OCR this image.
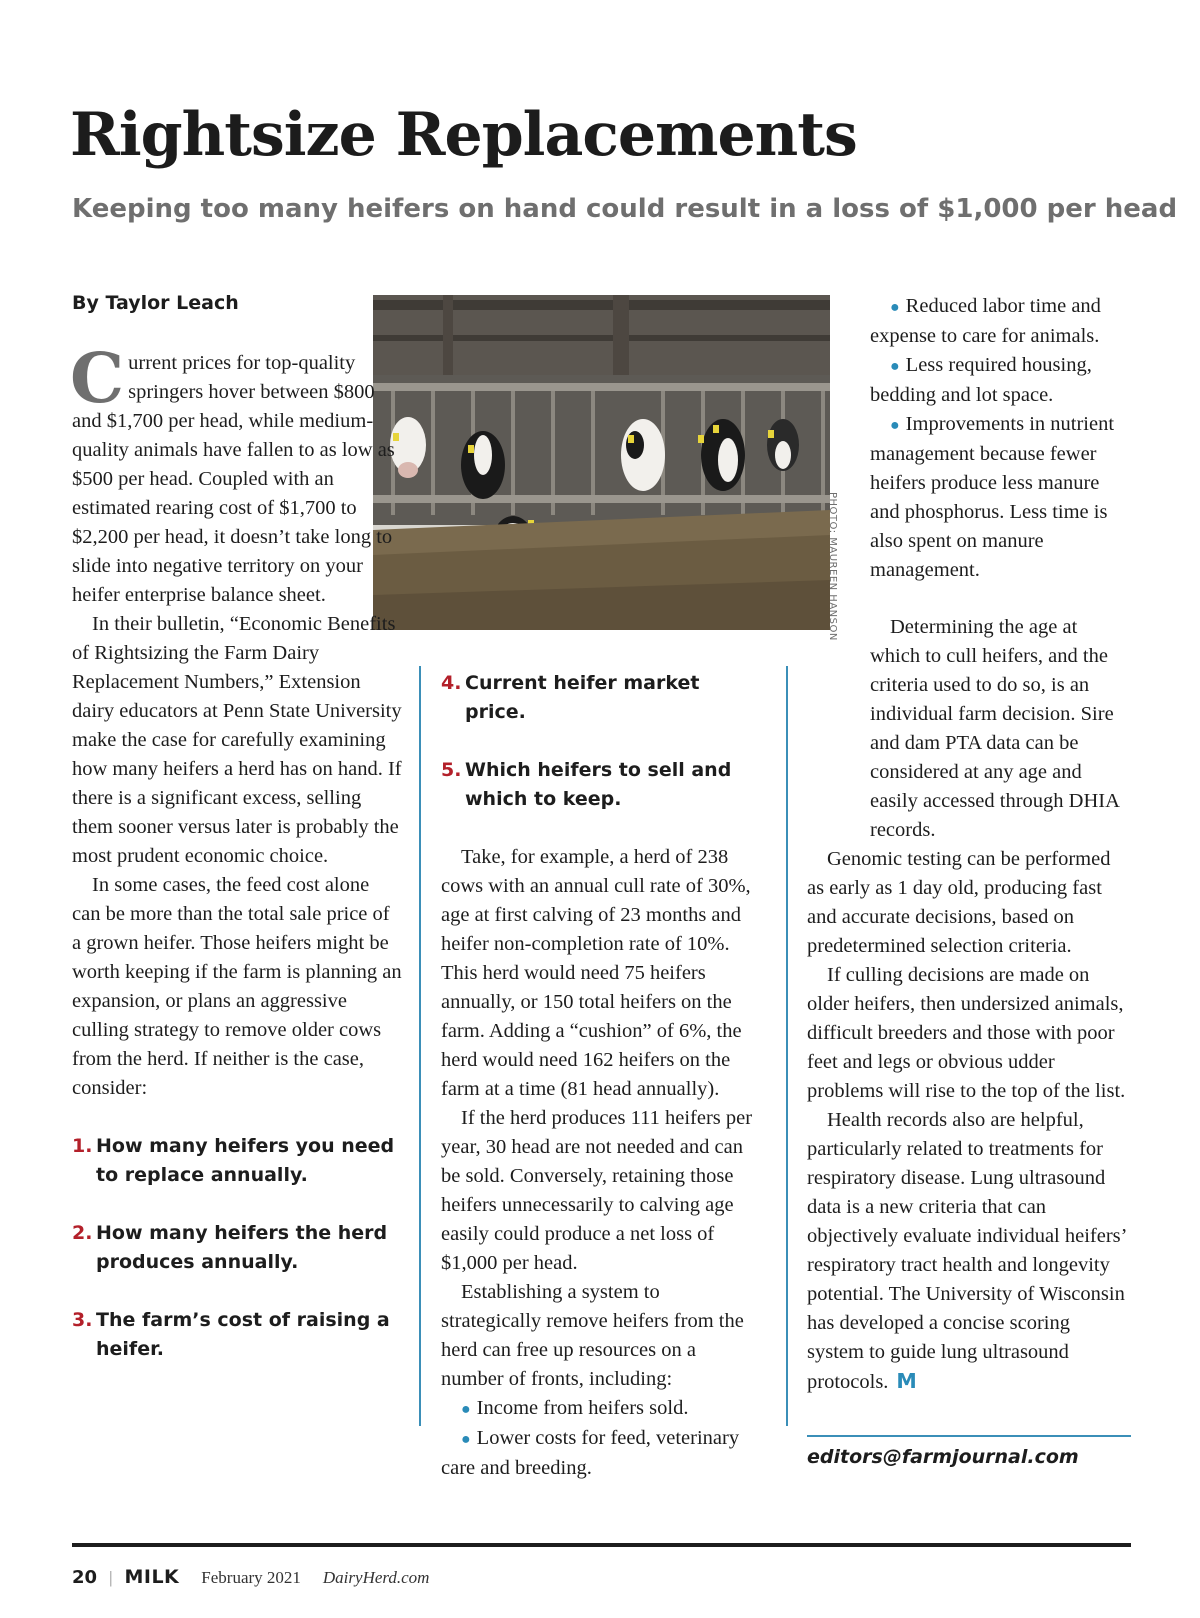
Rightsize Replacements
Keeping too many heifers on hand could result in a loss of $1,000 per head
By Taylor Leach
PHOTO: MAUREEN HANSON

Current prices for top-quality springers hover between $800 and $1,700 per head, while medium-quality animals have fallen to as low as $500 per head. Coupled with an estimated rearing cost of $1,700 to $2,200 per head, it doesn’t take long to slide into negative territory on your heifer enterprise balance sheet.

In their bulletin, “Economic Benefits of Rightsizing the Farm Dairy Replacement Numbers,” Extension dairy educators at Penn State University make the case for carefully examining how many heifers a herd has on hand. If there is a significant excess, selling them sooner versus later is probably the most prudent economic choice.

In some cases, the feed cost alone can be more than the total sale price of a grown heifer. Those heifers might be worth keeping if the farm is planning an expansion, or plans an aggressive culling strategy to remove older cows from the herd. If neither is the case, consider:

1. How many heifers you need to replace annually.
2. How many heifers the herd produces annually.
3. The farm’s cost of raising a heifer.
4. Current heifer market price.
5. Which heifers to sell and which to keep.

Take, for example, a herd of 238 cows with an annual cull rate of 30%, age at first calving of 23 months and heifer non-completion rate of 10%. This herd would need 75 heifers annually, or 150 total heifers on the farm. Adding a “cushion” of 6%, the herd would need 162 heifers on the farm at a time (81 head annually).

If the herd produces 111 heifers per year, 30 head are not needed and can be sold. Conversely, retaining those heifers unnecessarily to calving age easily could produce a net loss of $1,000 per head.

Establishing a system to strategically remove heifers from the herd can free up resources on a number of fronts, including:

● Income from heifers sold.

● Lower costs for feed, veterinary care and breeding.

● Reduced labor time and expense to care for animals.

● Less required housing, bedding and lot space.

● Improvements in nutrient management because fewer heifers produce less manure and phosphorus. Less time is also spent on manure management.

Determining the age at which to cull heifers, and the criteria used to do so, is an individual farm decision. Sire and dam PTA data can be considered at any age and easily accessed through DHIA records.

Genomic testing can be performed as early as 1 day old, producing fast and accurate decisions, based on predetermined selection criteria.

If culling decisions are made on older heifers, then undersized animals, difficult breeders and those with poor feet and legs or obvious udder problems will rise to the top of the list.

Health records also are helpful, particularly related to treatments for respiratory disease. Lung ultrasound data is a new criteria that can objectively evaluate individual heifers’ respiratory tract health and longevity potential. The University of Wisconsin has developed a concise scoring system to guide lung ultrasound protocols. M

editors@farmjournal.com
20 | MILK February 2021 DairyHerd.com
